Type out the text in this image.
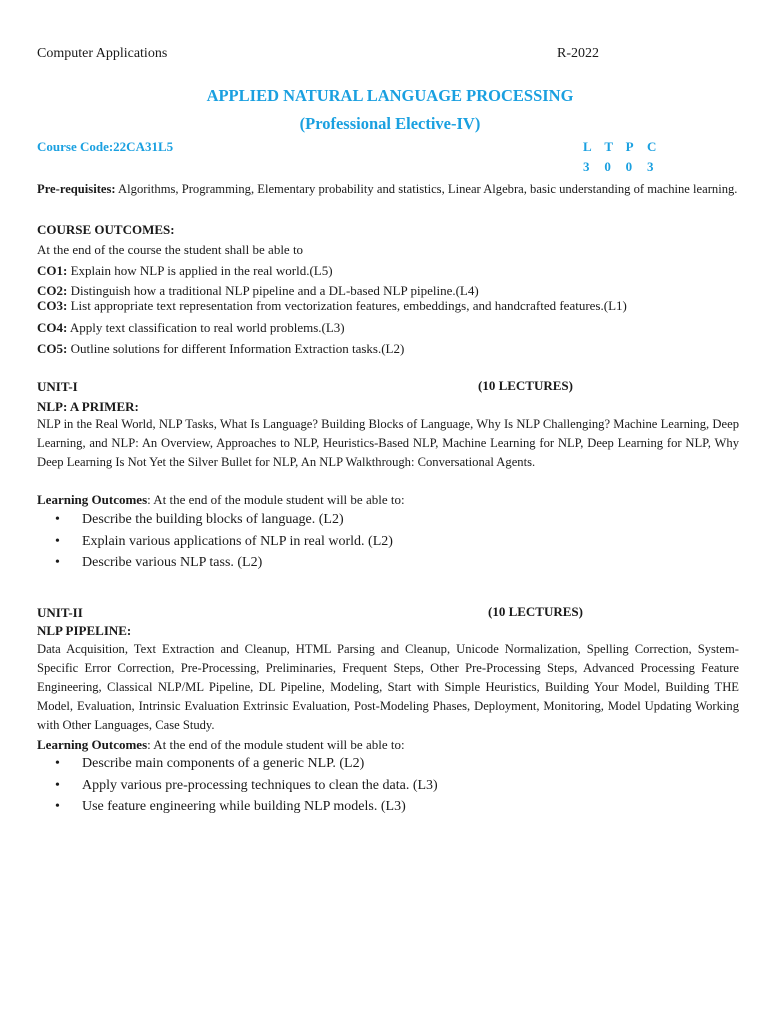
Computer Applications	R-2022
APPLIED NATURAL LANGUAGE PROCESSING
(Professional Elective-IV)
Course Code:22CA31L5	L T P	C
3	0	0	3
Pre-requisites: Algorithms, Programming, Elementary probability and statistics, Linear Algebra, basic understanding of machine learning.
COURSE OUTCOMES:
At the end of the course the student shall be able to
CO1: Explain how NLP is applied in the real world.(L5)
CO2: Distinguish how a traditional NLP pipeline and a DL-based NLP pipeline.(L4)
CO3: List appropriate text representation from vectorization features, embeddings, and handcrafted features.(L1)
CO4: Apply text classification to real world problems.(L3)
CO5: Outline solutions for different Information Extraction tasks.(L2)
UNIT-I	(10 LECTURES)
NLP: A PRIMER:
NLP in the Real World, NLP Tasks, What Is Language? Building Blocks of Language, Why Is NLP Challenging? Machine Learning, Deep Learning, and NLP: An Overview, Approaches to NLP, Heuristics-Based NLP, Machine Learning for NLP, Deep Learning for NLP, Why Deep Learning Is Not Yet the Silver Bullet for NLP, An NLP Walkthrough: Conversational Agents.
Learning Outcomes: At the end of the module student will be able to:
• Describe the building blocks of language. (L2)
• Explain various applications of NLP in real world. (L2)
• Describe various NLP tass. (L2)
UNIT-II	(10 LECTURES)
NLP PIPELINE:
Data Acquisition, Text Extraction and Cleanup, HTML Parsing and Cleanup, Unicode Normalization, Spelling Correction, System-Specific Error Correction, Pre-Processing, Preliminaries, Frequent Steps, Other Pre-Processing Steps, Advanced Processing Feature Engineering, Classical NLP/ML Pipeline, DL Pipeline, Modeling, Start with Simple Heuristics, Building Your Model, Building THE Model, Evaluation, Intrinsic Evaluation Extrinsic Evaluation, Post-Modeling Phases, Deployment, Monitoring, Model Updating Working with Other Languages, Case Study.
Learning Outcomes: At the end of the module student will be able to:
• Describe main components of a generic NLP. (L2)
• Apply various pre-processing techniques to clean the data. (L3)
• Use feature engineering while building NLP models. (L3)
